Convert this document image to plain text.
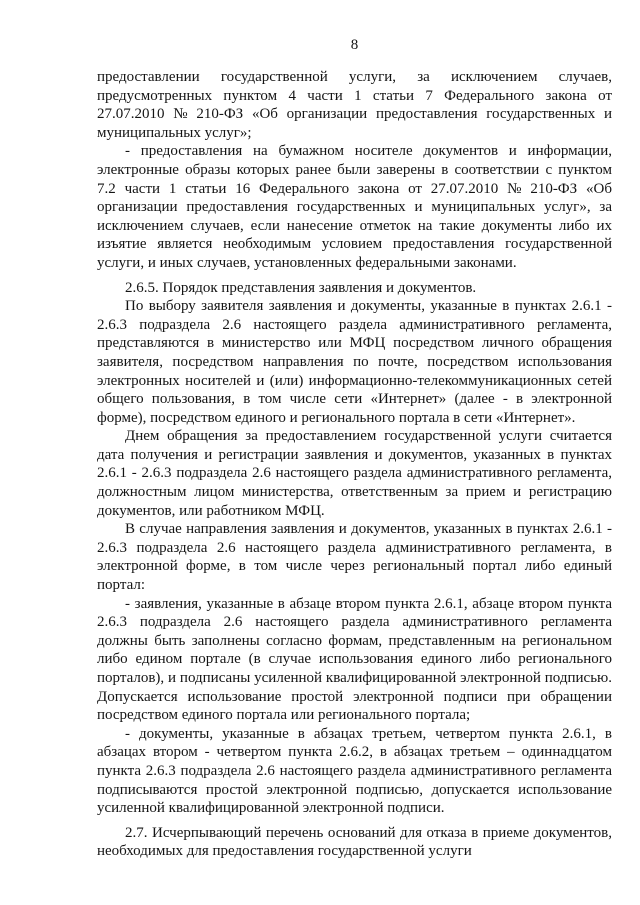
8
предоставлении государственной услуги, за исключением случаев,
предусмотренных пунктом 4 части 1 статьи 7 Федерального закона от
27.07.2010 № 210-ФЗ «Об организации предоставления государственных и
муниципальных услуг»;
- предоставления на бумажном носителе документов и информации,
электронные образы которых ранее были заверены в соответствии с пунктом
7.2 части 1 статьи 16 Федерального закона от 27.07.2010 № 210-ФЗ «Об
организации предоставления государственных и муниципальных услуг», за
исключением случаев, если нанесение отметок на такие документы либо их
изъятие является необходимым условием предоставления государственной
услуги, и иных случаев, установленных федеральными законами.
2.6.5. Порядок представления заявления и документов.
По выбору заявителя заявления и документы, указанные в пунктах 2.6.1 -
2.6.3 подраздела 2.6 настоящего раздела административного регламента,
представляются в министерство или МФЦ посредством личного обращения
заявителя, посредством направления по почте, посредством использования
электронных носителей и (или) информационно-телекоммуникационных сетей
общего пользования, в том числе сети «Интернет» (далее - в электронной
форме), посредством единого и регионального портала в сети «Интернет».
Днем обращения за предоставлением государственной услуги считается
дата получения и регистрации заявления и документов, указанных в пунктах
2.6.1 - 2.6.3 подраздела 2.6 настоящего раздела административного регламента,
должностным лицом министерства, ответственным за прием и регистрацию
документов, или работником МФЦ.
В случае направления заявления и документов, указанных в пунктах 2.6.1 -
2.6.3 подраздела 2.6 настоящего раздела административного регламента, в
электронной форме, в том числе через региональный портал либо единый
портал:
- заявления, указанные в абзаце втором пункта 2.6.1, абзаце втором пункта
2.6.3 подраздела 2.6 настоящего раздела административного регламента
должны быть заполнены согласно формам, представленным на региональном
либо едином портале (в случае использования единого либо регионального
порталов), и подписаны усиленной квалифицированной электронной подписью.
Допускается использование простой электронной подписи при обращении
посредством единого портала или регионального портала;
- документы, указанные в абзацах третьем, четвертом пункта 2.6.1, в
абзацах втором - четвертом пункта 2.6.2, в абзацах третьем – одиннадцатом
пункта 2.6.3 подраздела 2.6 настоящего раздела административного регламента
подписываются простой электронной подписью, допускается использование
усиленной квалифицированной электронной подписи.
2.7. Исчерпывающий перечень оснований для отказа в приеме документов,
необходимых для предоставления государственной услуги
